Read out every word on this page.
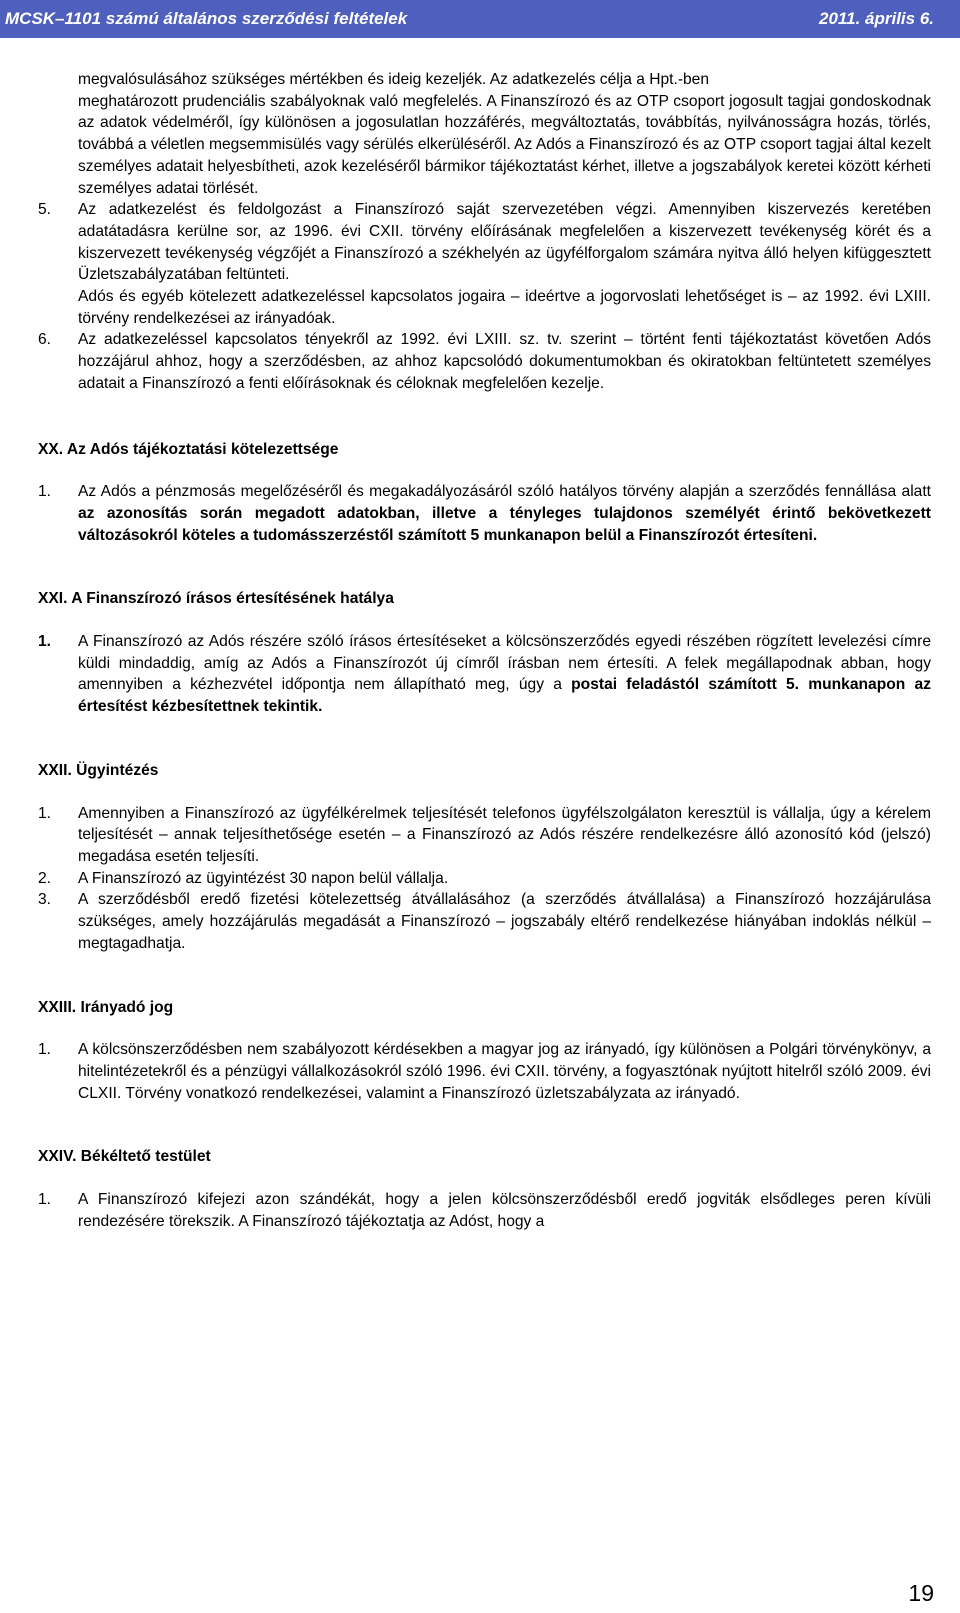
MCSK–1101 számú általános szerződési feltételek	2011. április 6.

megvalósulásához szükséges mértékben és ideig kezeljék. Az adatkezelés célja a Hpt.-ben

meghatározott prudenciális szabályoknak való megfelelés. A Finanszírozó és az OTP csoport jogosult tagjai gondoskodnak az adatok védelméről, így különösen a jogosulatlan hozzáférés, megváltoztatás, továbbítás, nyilvánosságra hozás, törlés, továbbá a véletlen megsemmisülés vagy sérülés elkerüléséről. Az Adós a Finanszírozó és az OTP csoport tagjai által kezelt személyes adatait helyesbítheti, azok kezeléséről bármikor tájékoztatást kérhet, illetve a jogszabályok keretei között kérheti személyes adatai törlését.

5.	Az adatkezelést és feldolgozást a Finanszírozó saját szervezetében végzi. Amennyiben kiszervezés keretében adatátadásra kerülne sor, az 1996. évi CXII. törvény előírásának megfelelően a kiszervezett tevékenység körét és a kiszervezett tevékenység végzőjét a Finanszírozó a székhelyén az ügyfélforgalom számára nyitva álló helyen kifüggesztett Üzletszabályzatában feltünteti.

Adós és egyéb kötelezett adatkezeléssel kapcsolatos jogaira – ideértve a jogorvoslati lehetőséget is – az 1992. évi LXIII. törvény rendelkezései az irányadóak.

6.	Az adatkezeléssel kapcsolatos tényekről az 1992. évi LXIII. sz. tv. szerint – történt fenti tájékoztatást követően Adós hozzájárul ahhoz, hogy a szerződésben, az ahhoz kapcsolódó dokumentumokban és okiratokban feltüntetett személyes adatait a Finanszírozó a fenti előírásoknak és céloknak megfelelően kezelje.
XX. Az Adós tájékoztatási kötelezettsége
1.	Az Adós a pénzmosás megelőzéséről és megakadályozásáról szóló hatályos törvény alapján a szerződés fennállása alatt az azonosítás során megadott adatokban, illetve a tényleges tulajdonos személyét érintő bekövetkezett változásokról köteles a tudomásszerzéstől számított 5 munkanapon belül a Finanszírozót értesíteni.
XXI. A Finanszírozó írásos értesítésének hatálya
1.	A Finanszírozó az Adós részére szóló írásos értesítéseket a kölcsönszerződés egyedi részében rögzített levelezési címre küldi mindaddig, amíg az Adós a Finanszírozót új címről írásban nem értesíti. A felek megállapodnak abban, hogy amennyiben a kézhezvétel időpontja nem állapítható meg, úgy a postai feladástól számított 5. munkanapon az értesítést kézbesítettnek tekintik.
XXII. Ügyintézés
1.	Amennyiben a Finanszírozó az ügyfélkérelmek teljesítését telefonos ügyfélszolgálaton keresztül is vállalja, úgy a kérelem teljesítését – annak teljesíthetősége esetén – a Finanszírozó az Adós részére rendelkezésre álló azonosító kód (jelszó) megadása esetén teljesíti.
2.	A Finanszírozó az ügyintézést 30 napon belül vállalja.
3.	A szerződésből eredő fizetési kötelezettség átvállalásához (a szerződés átvállalása) a Finanszírozó hozzájárulása szükséges, amely hozzájárulás megadását a Finanszírozó – jogszabály eltérő rendelkezése hiányában indoklás nélkül – megtagadhatja.
XXIII. Irányadó jog
1.	A kölcsönszerződésben nem szabályozott kérdésekben a magyar jog az irányadó, így különösen a Polgári törvénykönyv, a hitelintézetekről és a pénzügyi vállalkozásokról szóló 1996. évi CXII. törvény, a fogyasztónak nyújtott hitelről szóló 2009. évi CLXII. Törvény vonatkozó rendelkezései, valamint a Finanszírozó üzletszabályzata az irányadó.
XXIV. Békéltető testület
1.	A Finanszírozó kifejezi azon szándékát, hogy a jelen kölcsönszerződésből eredő jogviták elsődleges peren kívüli rendezésére törekszik. A Finanszírozó tájékoztatja az Adóst, hogy a
19
